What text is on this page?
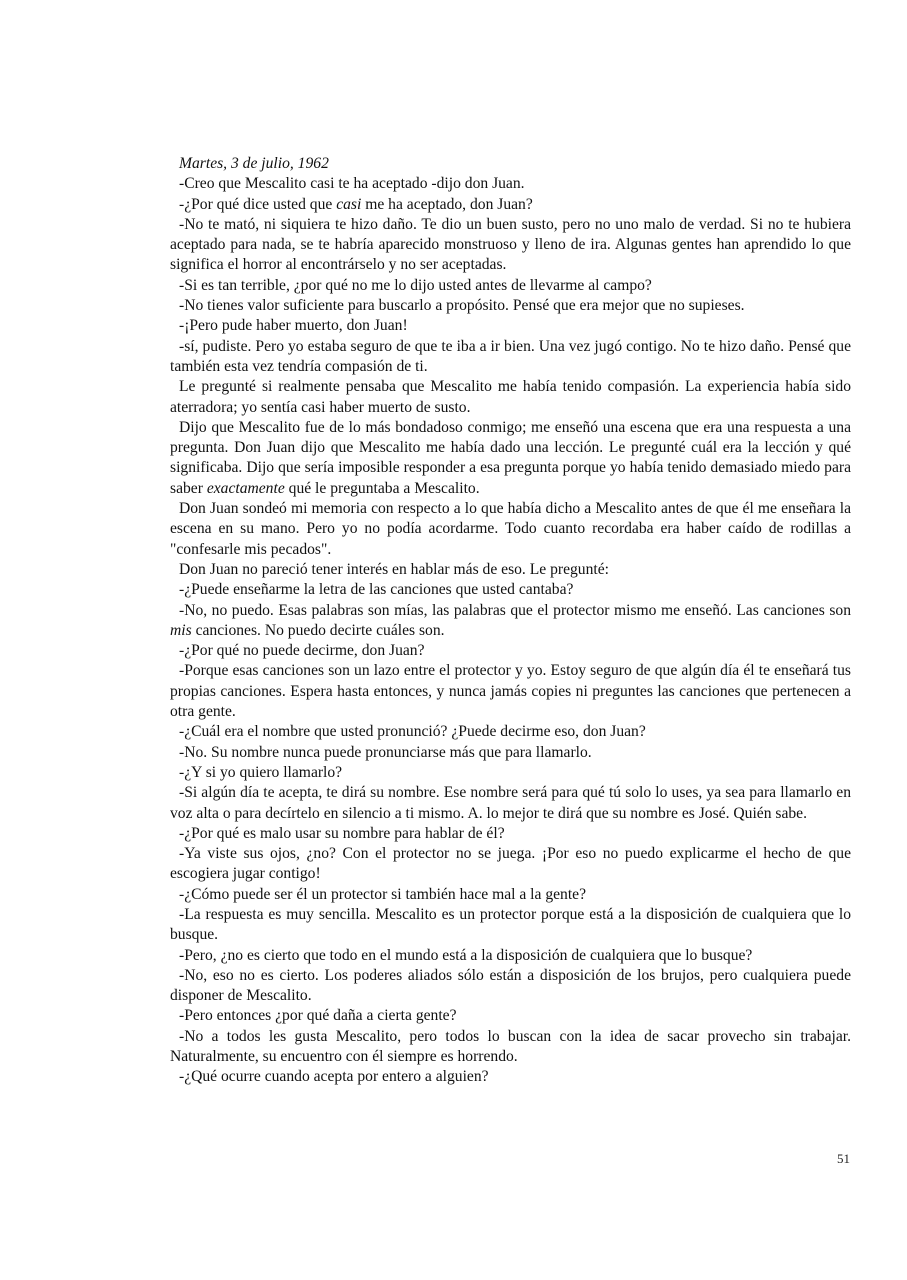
Martes, 3 de julio, 1962

-Creo que Mescalito casi te ha aceptado -dijo don Juan.

-¿Por qué dice usted que casi me ha aceptado, don Juan?

-No te mató, ni siquiera te hizo daño. Te dio un buen susto, pero no uno malo de verdad. Si no te hubiera aceptado para nada, se te habría aparecido monstruoso y lleno de ira. Algunas gentes han aprendido lo que significa el horror al encontrárselo y no ser aceptadas.

-Si es tan terrible, ¿por qué no me lo dijo usted antes de llevarme al campo?

-No tienes valor suficiente para buscarlo a propósito. Pensé que era mejor que no supieses.

-¡Pero pude haber muerto, don Juan!

-sí, pudiste. Pero yo estaba seguro de que te iba a ir bien. Una vez jugó contigo. No te hizo daño. Pensé que también esta vez tendría compasión de ti.

Le pregunté si realmente pensaba que Mescalito me había tenido compasión. La experiencia había sido aterradora; yo sentía casi haber muerto de susto.

Dijo que Mescalito fue de lo más bondadoso conmigo; me enseñó una escena que era una respuesta a una pregunta. Don Juan dijo que Mescalito me había dado una lección. Le pregunté cuál era la lección y qué significaba. Dijo que sería imposible responder a esa pregunta porque yo había tenido demasiado miedo para saber exactamente qué le preguntaba a Mescalito.

Don Juan sondeó mi memoria con respecto a lo que había dicho a Mescalito antes de que él me enseñara la escena en su mano. Pero yo no podía acordarme. Todo cuanto recordaba era haber caído de rodillas a "confesarle mis pecados".

Don Juan no pareció tener interés en hablar más de eso. Le pregunté:

-¿Puede enseñarme la letra de las canciones que usted cantaba?

-No, no puedo. Esas palabras son mías, las palabras que el protector mismo me enseñó. Las canciones son mis canciones. No puedo decirte cuáles son.

-¿Por qué no puede decirme, don Juan?

-Porque esas canciones son un lazo entre el protector y yo. Estoy seguro de que algún día él te enseñará tus propias canciones. Espera hasta entonces, y nunca jamás copies ni preguntes las canciones que pertenecen a otra gente.

-¿Cuál era el nombre que usted pronunció? ¿Puede decirme eso, don Juan?

-No. Su nombre nunca puede pronunciarse más que para llamarlo.

-¿Y si yo quiero llamarlo?

-Si algún día te acepta, te dirá su nombre. Ese nombre será para qué tú solo lo uses, ya sea para llamarlo en voz alta o para decírtelo en silencio a ti mismo. A. lo mejor te dirá que su nombre es José. Quién sabe.

-¿Por qué es malo usar su nombre para hablar de él?

-Ya viste sus ojos, ¿no? Con el protector no se juega. ¡Por eso no puedo explicarme el hecho de que escogiera jugar contigo!

-¿Cómo puede ser él un protector si también hace mal a la gente?

-La respuesta es muy sencilla. Mescalito es un protector porque está a la disposición de cualquiera que lo busque.

-Pero, ¿no es cierto que todo en el mundo está a la disposición de cualquiera que lo busque?

-No, eso no es cierto. Los poderes aliados sólo están a disposición de los brujos, pero cualquiera puede disponer de Mescalito.

-Pero entonces ¿por qué daña a cierta gente?

-No a todos les gusta Mescalito, pero todos lo buscan con la idea de sacar provecho sin trabajar. Naturalmente, su encuentro con él siempre es horrendo.

-¿Qué ocurre cuando acepta por entero a alguien?

51
